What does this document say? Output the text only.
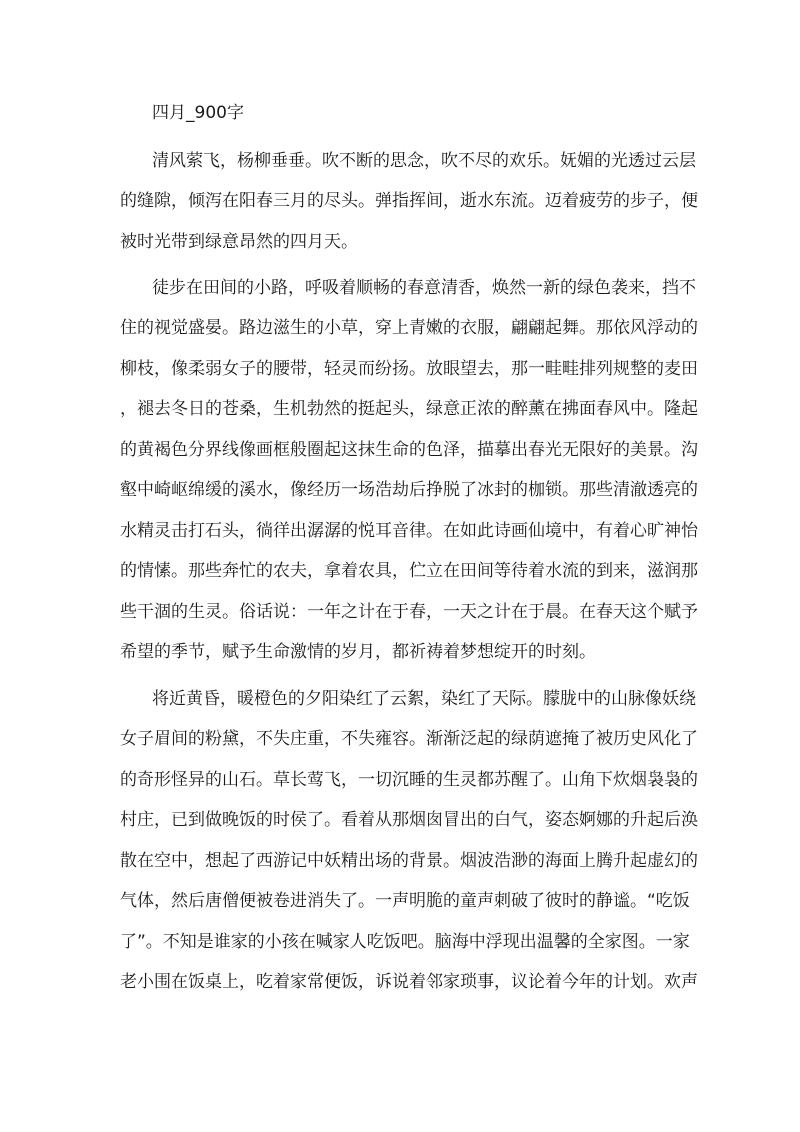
四月_900字
清风萦飞，杨柳垂垂。吹不断的思念，吹不尽的欢乐。妩媚的光透过云层
的缝隙，倾泻在阳春三月的尽头。弹指挥间，逝水东流。迈着疲劳的步子，便
被时光带到绿意昂然的四月天。
徒步在田间的小路，呼吸着顺畅的春意清香，焕然一新的绿色袭来，挡不
住的视觉盛晏。路边滋生的小草，穿上青嫩的衣服，翩翩起舞。那依风浮动的
柳枝，像柔弱女子的腰带，轻灵而纷扬。放眼望去，那一畦畦排列规整的麦田
，褪去冬日的苍桑，生机勃然的挺起头，绿意正浓的醉薰在拂面春风中。隆起
的黄褐色分界线像画框般圈起这抹生命的色泽，描摹出春光无限好的美景。沟
壑中崎岖绵缓的溪水，像经历一场浩劫后挣脱了冰封的枷锁。那些清澈透亮的
水精灵击打石头，徜徉出潺潺的悦耳音律。在如此诗画仙境中，有着心旷神怡
的情愫。那些奔忙的农夫，拿着农具，伫立在田间等待着水流的到来，滋润那
些干涸的生灵。俗话说：一年之计在于春，一天之计在于晨。在春天这个赋予
希望的季节，赋予生命激情的岁月，都祈祷着梦想绽开的时刻。
将近黄昏，暖橙色的夕阳染红了云絮，染红了天际。朦胧中的山脉像妖绕
女子眉间的粉黛，不失庄重，不失雍容。渐渐泛起的绿荫遮掩了被历史风化了
的奇形怪异的山石。草长莺飞，一切沉睡的生灵都苏醒了。山角下炊烟袅袅的
村庄，已到做晚饭的时侯了。看着从那烟囱冒出的白气，姿态婀娜的升起后涣
散在空中，想起了西游记中妖精出场的背景。烟波浩渺的海面上腾升起虚幻的
气体，然后唐僧便被卷进消失了。一声明脆的童声刺破了彼时的静谧。“吃饭
了”。不知是谁家的小孩在喊家人吃饭吧。脑海中浮现出温馨的全家图。一家
老小围在饭桌上，吃着家常便饭，诉说着邻家琐事，议论着今年的计划。欢声
